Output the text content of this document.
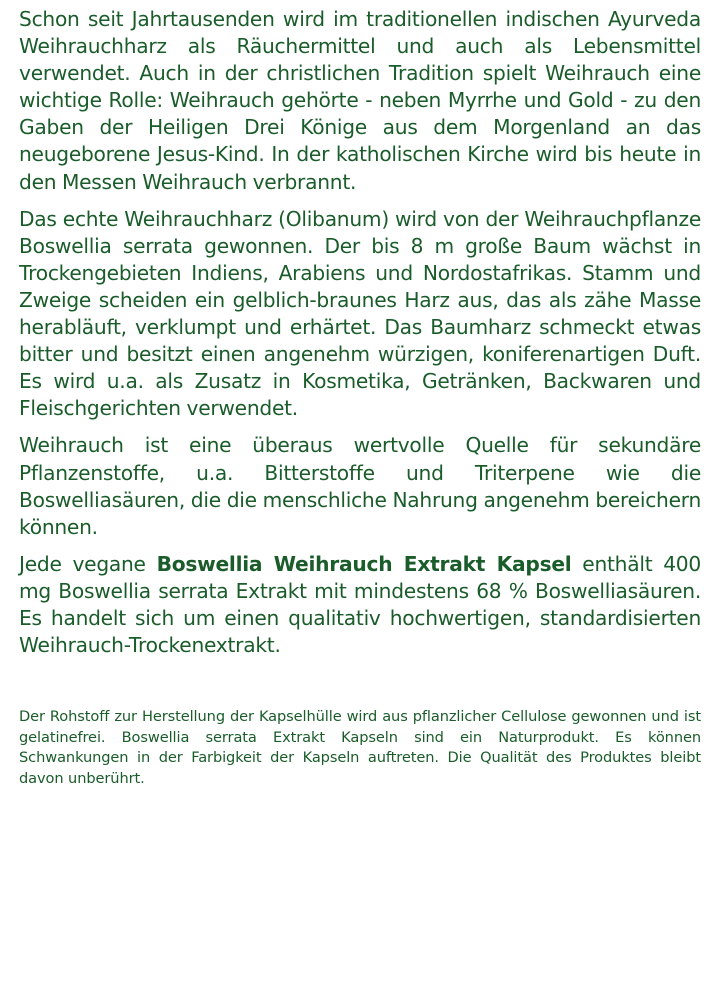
Schon seit Jahrtausenden wird im traditionellen indischen Ayurveda Weihrauchharz als Räuchermittel und auch als Lebensmittel verwendet. Auch in der christlichen Tradition spielt Weihrauch eine wichtige Rolle: Weihrauch gehörte - neben Myrrhe und Gold - zu den Gaben der Heiligen Drei Könige aus dem Morgenland an das neugeborene Jesus-Kind. In der katholischen Kirche wird bis heute in den Messen Weihrauch verbrannt.

Das echte Weihrauchharz (Olibanum) wird von der Weihrauchpflanze Boswellia serrata gewonnen. Der bis 8 m große Baum wächst in Trockengebieten Indiens, Arabiens und Nordostafrikas. Stamm und Zweige scheiden ein gelblich-braunes Harz aus, das als zähe Masse herabläuft, verklumpt und erhärtet. Das Baumharz schmeckt etwas bitter und besitzt einen angenehm würzigen, koniferenartigen Duft. Es wird u.a. als Zusatz in Kosmetika, Getränken, Backwaren und Fleischgerichten verwendet.

Weihrauch ist eine überaus wertvolle Quelle für sekundäre Pflanzenstoffe, u.a. Bitterstoffe und Triterpene wie die Boswelliasäuren, die die menschliche Nahrung angenehm bereichern können.

Jede vegane Boswellia Weihrauch Extrakt Kapsel enthält 400 mg Boswellia serrata Extrakt mit mindestens 68 % Boswelliasäuren. Es handelt sich um einen qualitativ hochwertigen, standardisierten Weihrauch-Trockenextrakt.

Der Rohstoff zur Herstellung der Kapselhülle wird aus pflanzlicher Cellulose gewonnen und ist gelatinefrei. Boswellia serrata Extrakt Kapseln sind ein Naturprodukt. Es können Schwankungen in der Farbigkeit der Kapseln auftreten. Die Qualität des Produktes bleibt davon unberührt.
